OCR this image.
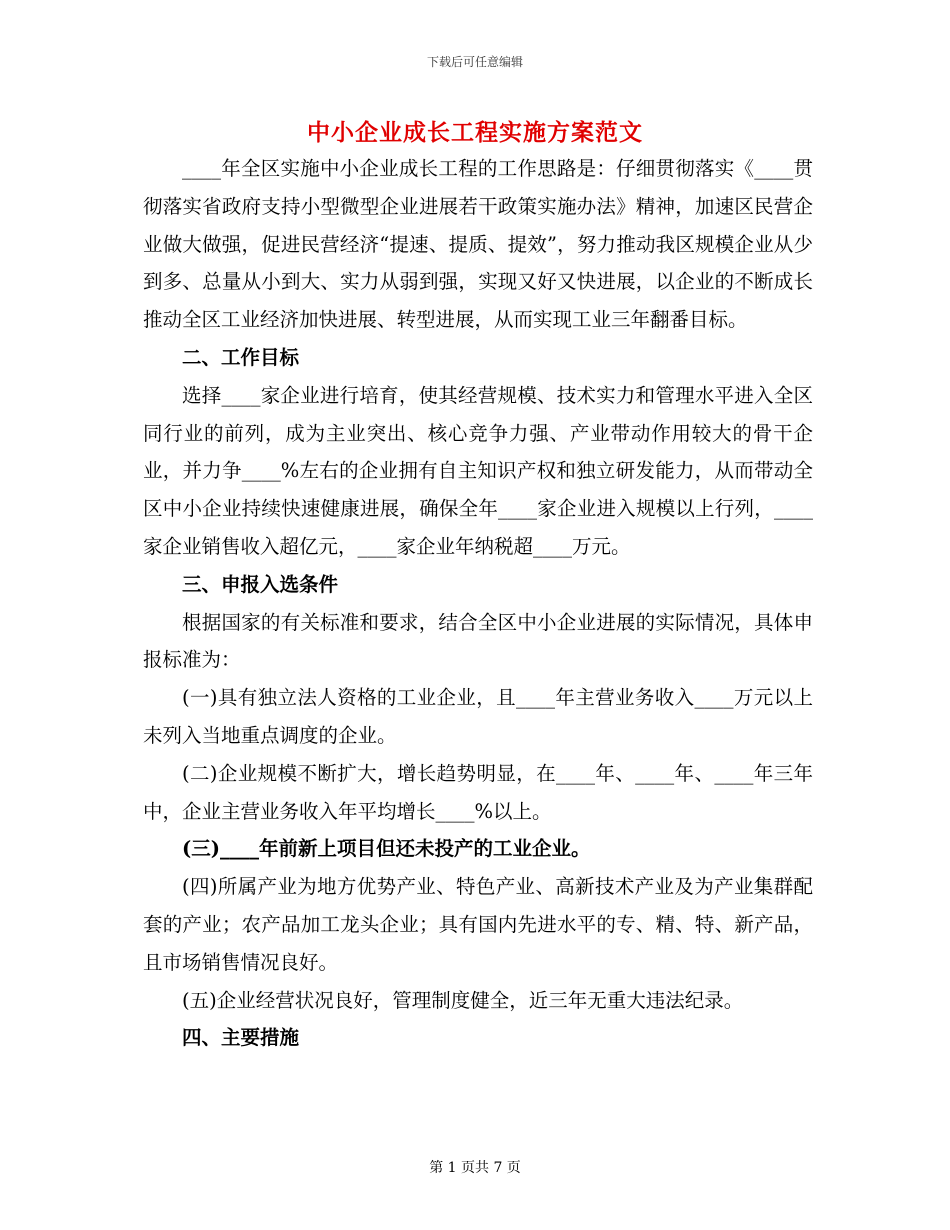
下载后可任意编辑
中小企业成长工程实施方案范文

____年全区实施中小企业成长工程的工作思路是：仔细贯彻落实《____贯彻落实省政府支持小型微型企业进展若干政策实施办法》精神，加速区民营企业做大做强，促进民营经济“提速、提质、提效”，努力推动我区规模企业从少到多、总量从小到大、实力从弱到强，实现又好又快进展，以企业的不断成长推动全区工业经济加快进展、转型进展，从而实现工业三年翻番目标。

二、工作目标

选择____家企业进行培育，使其经营规模、技术实力和管理水平进入全区同行业的前列，成为主业突出、核心竞争力强、产业带动作用较大的骨干企业，并力争____%左右的企业拥有自主知识产权和独立研发能力，从而带动全区中小企业持续快速健康进展，确保全年____家企业进入规模以上行列，____家企业销售收入超亿元，____家企业年纳税超____万元。

三、申报入选条件

根据国家的有关标准和要求，结合全区中小企业进展的实际情况，具体申报标准为：

(一)具有独立法人资格的工业企业，且____年主营业务收入____万元以上未列入当地重点调度的企业。

(二)企业规模不断扩大，增长趋势明显，在____年、____年、____年三年中，企业主营业务收入年平均增长____%以上。

(三)____年前新上项目但还未投产的工业企业。

(四)所属产业为地方优势产业、特色产业、高新技术产业及为产业集群配套的产业；农产品加工龙头企业；具有国内先进水平的专、精、特、新产品，且市场销售情况良好。

(五)企业经营状况良好，管理制度健全，近三年无重大违法纪录。

四、主要措施

第 1 页共 7 页
